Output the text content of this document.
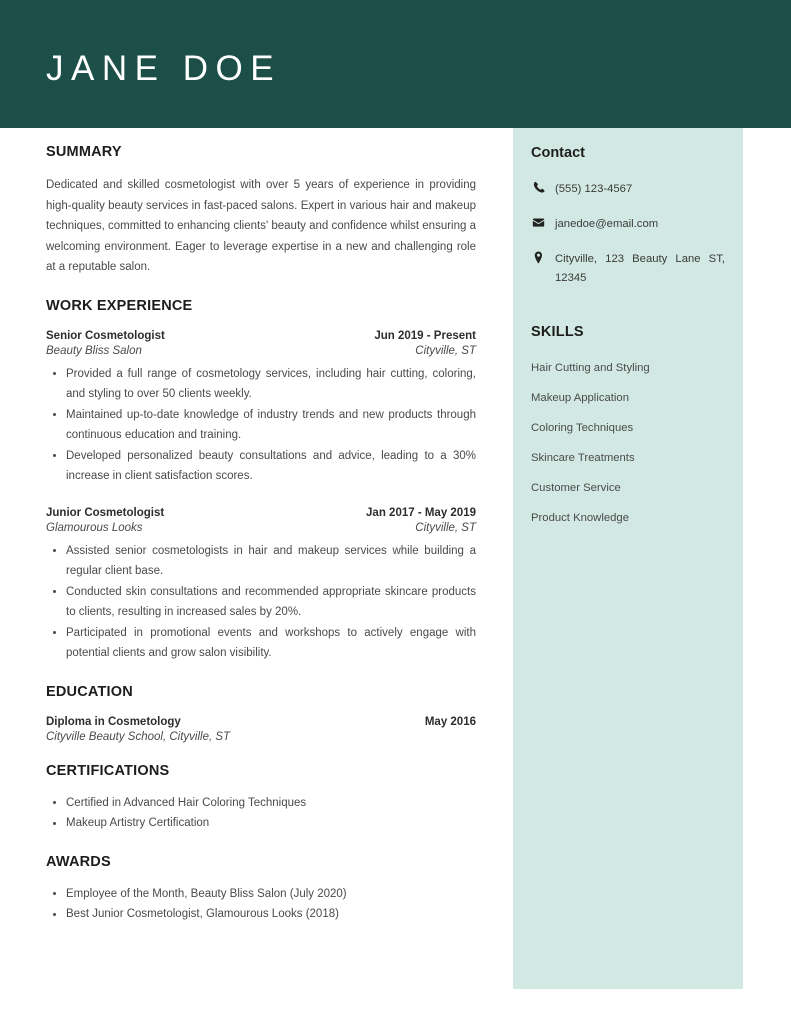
JANE DOE
Contact
(555) 123-4567
janedoe@email.com
Cityville, 123 Beauty Lane ST, 12345
SKILLS
Hair Cutting and Styling
Makeup Application
Coloring Techniques
Skincare Treatments
Customer Service
Product Knowledge
SUMMARY

Dedicated and skilled cosmetologist with over 5 years of experience in providing high-quality beauty services in fast-paced salons. Expert in various hair and makeup techniques, committed to enhancing clients' beauty and confidence whilst ensuring a welcoming environment. Eager to leverage expertise in a new and challenging role at a reputable salon.

WORK EXPERIENCE
Senior Cosmetologist	Jun 2019 - Present
Beauty Bliss Salon	Cityville, ST
Provided a full range of cosmetology services, including hair cutting, coloring, and styling to over 50 clients weekly.
Maintained up-to-date knowledge of industry trends and new products through continuous education and training.
Developed personalized beauty consultations and advice, leading to a 30% increase in client satisfaction scores.
Junior Cosmetologist	Jan 2017 - May 2019
Glamourous Looks	Cityville, ST
Assisted senior cosmetologists in hair and makeup services while building a regular client base.
Conducted skin consultations and recommended appropriate skincare products to clients, resulting in increased sales by 20%.
Participated in promotional events and workshops to actively engage with potential clients and grow salon visibility.
EDUCATION
Diploma in Cosmetology	May 2016
Cityville Beauty School, Cityville, ST
CERTIFICATIONS
Certified in Advanced Hair Coloring Techniques
Makeup Artistry Certification
AWARDS
Employee of the Month, Beauty Bliss Salon (July 2020)
Best Junior Cosmetologist, Glamourous Looks (2018)
